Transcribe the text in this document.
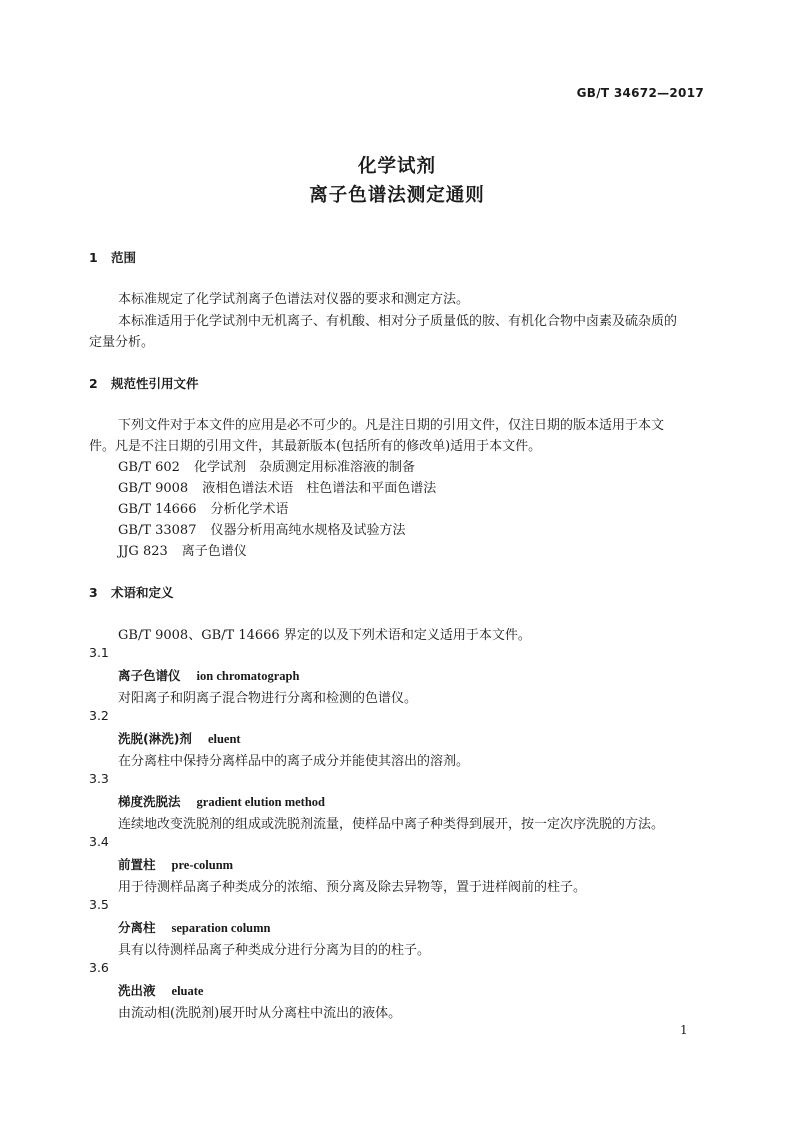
GB/T 34672—2017
化学试剂
离子色谱法测定通则
1 范围
本标准规定了化学试剂离子色谱法对仪器的要求和测定方法。
本标准适用于化学试剂中无机离子、有机酸、相对分子质量低的胺、有机化合物中卤素及硫杂质的
定量分析。
2 规范性引用文件
下列文件对于本文件的应用是必不可少的。凡是注日期的引用文件，仅注日期的版本适用于本文
件。凡是不注日期的引用文件，其最新版本(包括所有的修改单)适用于本文件。
GB/T 602 化学试剂　杂质测定用标准溶液的制备
GB/T 9008 液相色谱法术语　柱色谱法和平面色谱法
GB/T 14666 分析化学术语
GB/T 33087 仪器分析用高纯水规格及试验方法
JJG 823 离子色谱仪
3 术语和定义
GB/T 9008、GB/T 14666 界定的以及下列术语和定义适用于本文件。
3.1
离子色谱仪 ion chromatograph
对阳离子和阴离子混合物进行分离和检测的色谱仪。
3.2
洗脱(淋洗)剂 eluent
在分离柱中保持分离样品中的离子成分并能使其溶出的溶剂。
3.3
梯度洗脱法 gradient elution method
连续地改变洗脱剂的组成或洗脱剂流量，使样品中离子种类得到展开，按一定次序洗脱的方法。
3.4
前置柱 pre-colunm
用于待测样品离子种类成分的浓缩、预分离及除去异物等，置于进样阀前的柱子。
3.5
分离柱 separation column
具有以待测样品离子种类成分进行分离为目的的柱子。
3.6
洗出液 eluate
由流动相(洗脱剂)展开时从分离柱中流出的液体。
1
